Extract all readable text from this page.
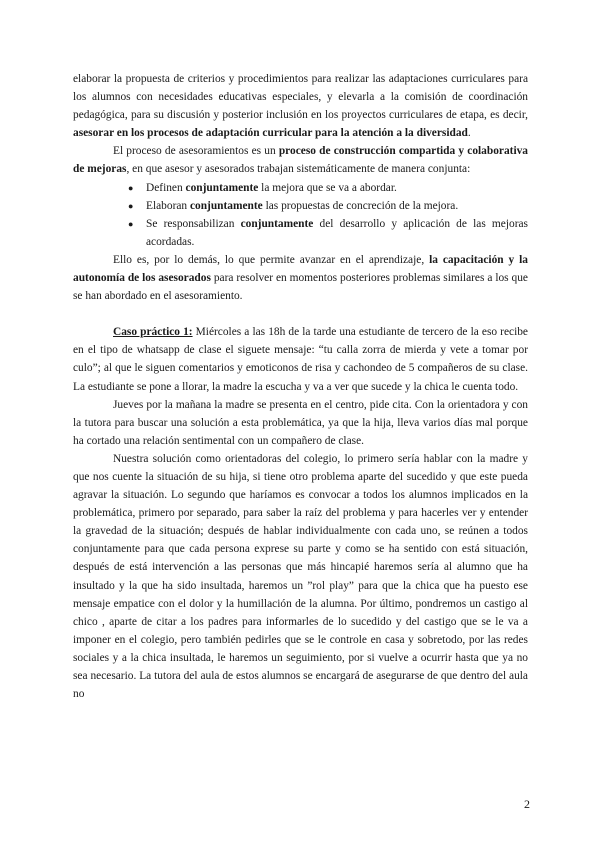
elaborar la propuesta de criterios y procedimientos para realizar las adaptaciones curriculares para los alumnos con necesidades educativas especiales, y elevarla a la comisión de coordinación pedagógica, para su discusión y posterior inclusión en los proyectos curriculares de etapa, es decir, asesorar en los procesos de adaptación curricular para la atención a la diversidad.

El proceso de asesoramientos es un proceso de construcción compartida y colaborativa de mejoras, en que asesor y asesorados trabajan sistemáticamente de manera conjunta:

● Definen conjuntamente la mejora que se va a abordar.
● Elaboran conjuntamente las propuestas de concreción de la mejora.
● Se responsabilizan conjuntamente del desarrollo y aplicación de las mejoras acordadas.

Ello es, por lo demás, lo que permite avanzar en el aprendizaje, la capacitación y la autonomía de los asesorados para resolver en momentos posteriores problemas similares a los que se han abordado en el asesoramiento.

Caso práctico 1: Miércoles a las 18h de la tarde una estudiante de tercero de la eso recibe en el tipo de whatsapp de clase el siguete mensaje: “tu calla zorra de mierda y vete a tomar por culo”; al que le siguen comentarios y emoticonos de risa y cachondeo de 5 compañeros de su clase. La estudiante se pone a llorar, la madre la escucha y va a ver que sucede y la chica le cuenta todo.

Jueves por la mañana la madre se presenta en el centro, pide cita. Con la orientadora y con la tutora para buscar una solución a esta problemática, ya que la hija, lleva varios días mal porque ha cortado una relación sentimental con un compañero de clase.

Nuestra solución como orientadoras del colegio, lo primero sería hablar con la madre y que nos cuente la situación de su hija, si tiene otro problema aparte del sucedido y que este pueda agravar la situación. Lo segundo que haríamos es convocar a todos los alumnos implicados en la problemática, primero por separado, para saber la raíz del problema y para hacerles ver y entender la gravedad de la situación; después de hablar individualmente con cada uno, se reúnen a todos conjuntamente para que cada persona exprese su parte y como se ha sentido con está situación, después de está intervención a las personas que más hincapié haremos sería al alumno que ha insultado y la que ha sido insultada, haremos un ”rol play” para que la chica que ha puesto ese mensaje empatice con el dolor y la humillación de la alumna. Por último, pondremos un castigo al chico , aparte de citar a los padres para informarles de lo sucedido y del castigo que se le va a imponer en el colegio, pero también pedirles que se le controle en casa y sobretodo, por las redes sociales y a la chica insultada, le haremos un seguimiento, por si vuelve a ocurrir hasta que ya no sea necesario. La tutora del aula de estos alumnos se encargará de asegurarse de que dentro del aula no

2
